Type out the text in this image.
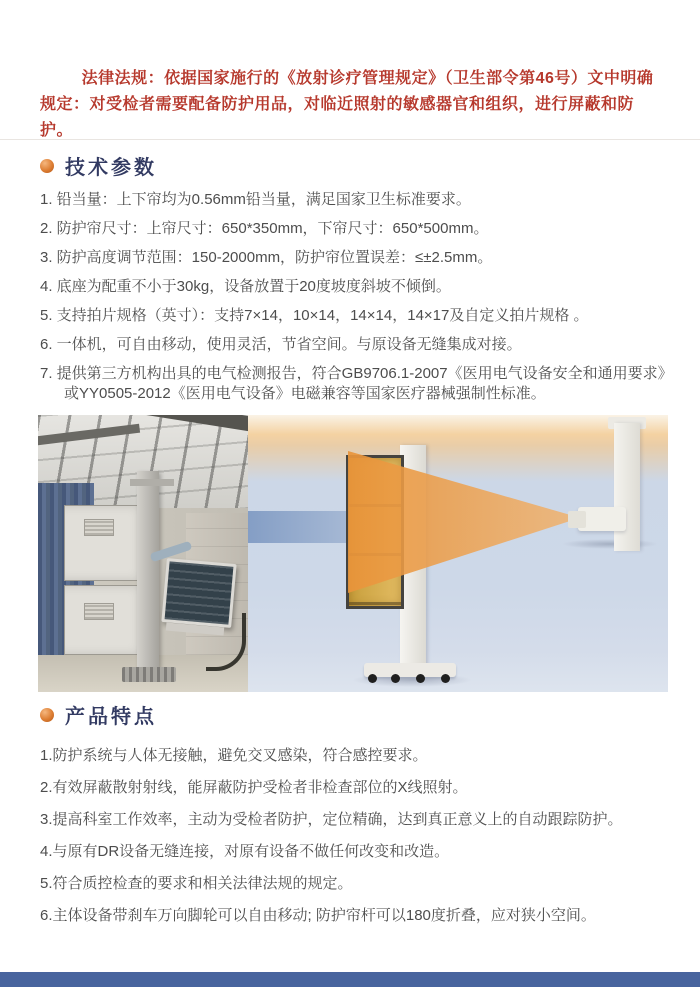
法律法规：依据国家施行的《放射诊疗管理规定》（卫生部令第46号）文中明确规定：对受检者需要配备防护用品，对临近照射的敏感器官和组织，进行屏蔽和防护。

技术参数

1. 铅当量：上下帘均为0.56mm铅当量，满足国家卫生标准要求。

2. 防护帘尺寸：上帘尺寸：650*350mm，下帘尺寸：650*500mm。

3. 防护高度调节范围：150-2000mm，防护帘位置误差：≤±2.5mm。

4. 底座为配重不小于30kg，设备放置于20度坡度斜坡不倾倒。

5. 支持拍片规格（英寸）：支持7×14，10×14，14×14，14×17及自定义拍片规格 。

6. 一体机，可自由移动，使用灵活，节省空间。与原设备无缝集成对接。

7. 提供第三方机构出具的电气检测报告，符合GB9706.1-2007《医用电气设备安全和通用要求》或YY0505-2012《医用电气设备》电磁兼容等国家医疗器械强制性标准。

产品特点

1.防护系统与人体无接触，避免交叉感染，符合感控要求。

2.有效屏蔽散射射线，能屏蔽防护受检者非检查部位的X线照射。

3.提高科室工作效率，主动为受检者防护，定位精确，达到真正意义上的自动跟踪防护。

4.与原有DR设备无缝连接，对原有设备不做任何改变和改造。

5.符合质控检查的要求和相关法律法规的规定。

6.主体设备带刹车万向脚轮可以自由移动; 防护帘杆可以180度折叠，应对狭小空间。
